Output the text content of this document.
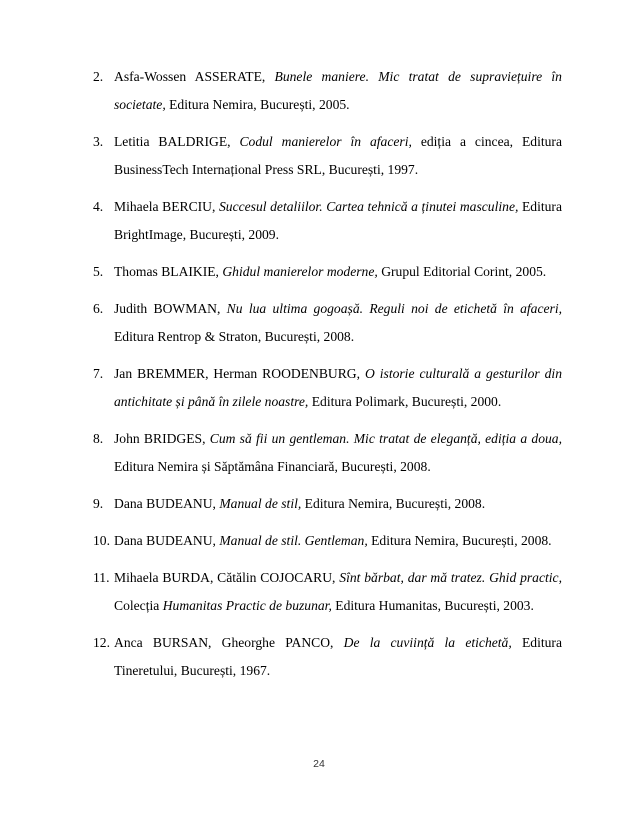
2. Asfa-Wossen ASSERATE, Bunele maniere. Mic tratat de supraviețuire în societate, Editura Nemira, București, 2005.
3. Letitia BALDRIGE, Codul manierelor în afaceri, ediția a cincea, Editura BusinessTech Internațional Press SRL, București, 1997.
4. Mihaela BERCIU, Succesul detaliilor. Cartea tehnică a ținutei masculine, Editura BrightImage, București, 2009.
5. Thomas BLAIKIE, Ghidul manierelor moderne, Grupul Editorial Corint, 2005.
6. Judith BOWMAN, Nu lua ultima gogoașă. Reguli noi de etichetă în afaceri, Editura Rentrop & Straton, București, 2008.
7. Jan BREMMER, Herman ROODENBURG, O istorie culturală a gesturilor din antichitate și până în zilele noastre, Editura Polimark, București, 2000.
8. John BRIDGES, Cum să fii un gentleman. Mic tratat de eleganță, ediția a doua, Editura Nemira și Săptămâna Financiară, București, 2008.
9. Dana BUDEANU, Manual de stil, Editura Nemira, București, 2008.
10. Dana BUDEANU, Manual de stil. Gentleman, Editura Nemira, București, 2008.
11. Mihaela BURDA, Cătălin COJOCARU, Sînt bărbat, dar mă tratez. Ghid practic, Colecția Humanitas Practic de buzunar, Editura Humanitas, București, 2003.
12. Anca BURSAN, Gheorghe PANCO, De la cuviință la etichetă, Editura Tineretului, București, 1967.
24
